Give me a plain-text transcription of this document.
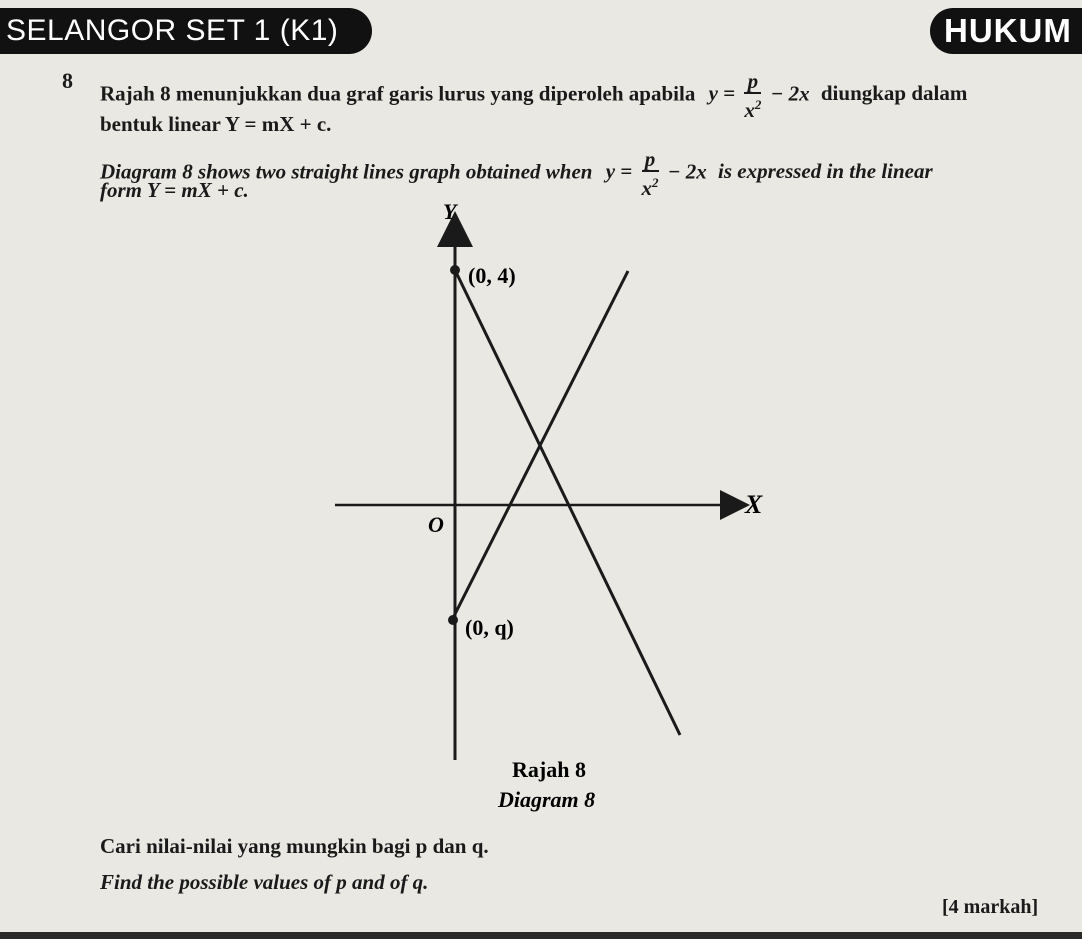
SELANGOR SET 1 (K1)	HUKUM
8
Rajah 8 menunjukkan dua graf garis lurus yang diperoleh apabila $y = \frac{p}{x^2} - 2x$ diungkap dalam
bentuk linear Y = mX + c.
Diagram 8 shows two straight lines graph obtained when $y = \frac{p}{x^2} - 2x$ is expressed in the linear
form Y = mX + c.
Y
X
O
(0, 4)
(0, q)
Rajah 8
Diagram 8
Cari nilai-nilai yang mungkin bagi p dan q.
Find the possible values of p and of q.
[4 markah]
